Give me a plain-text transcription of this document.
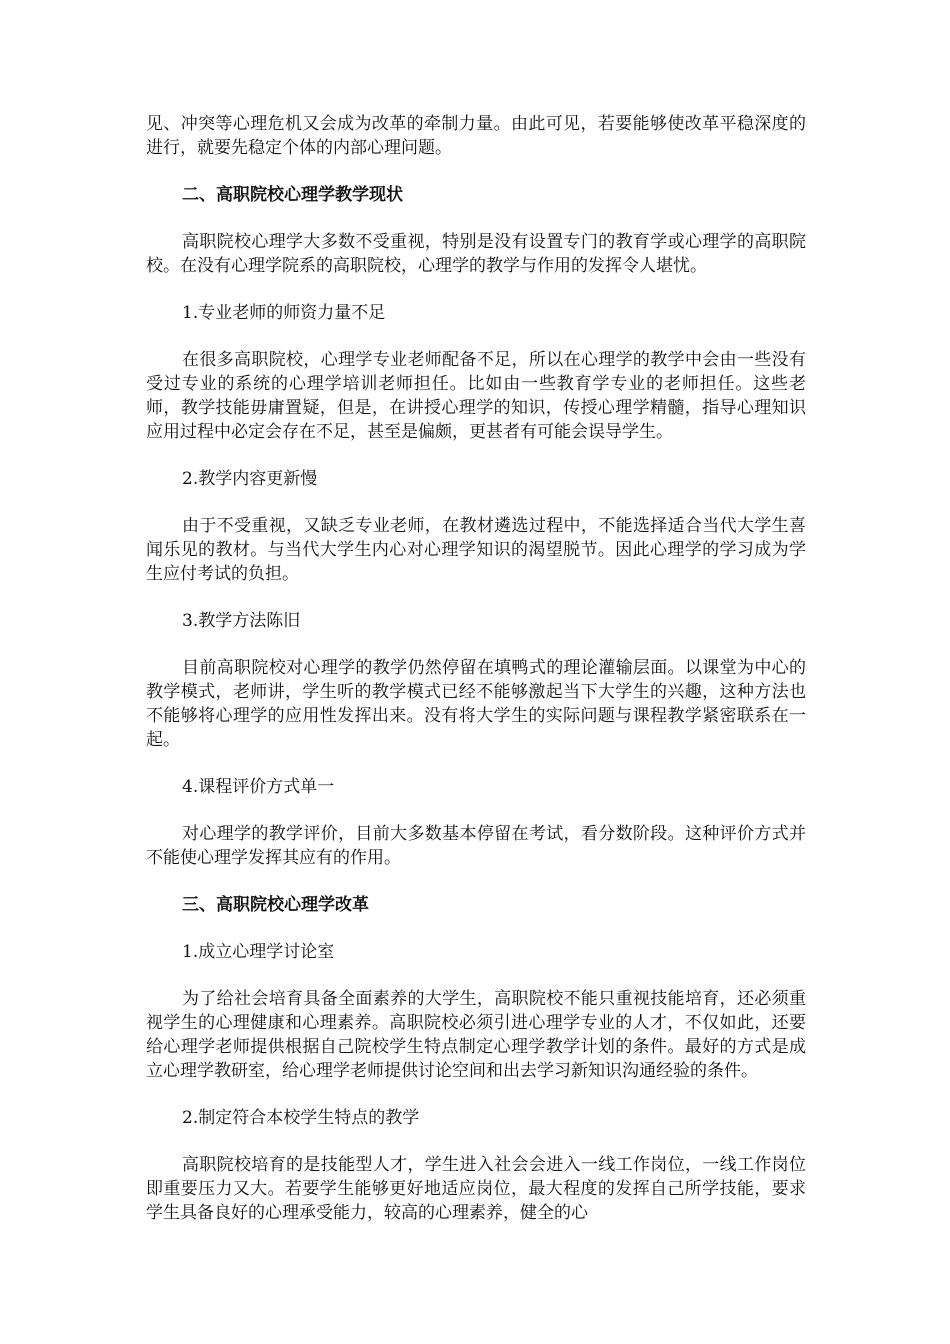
见、冲突等心理危机又会成为改革的牵制力量。由此可见，若要能够使改革平稳深度的进行，就要先稳定个体的内部心理问题。

二、高职院校心理学教学现状

高职院校心理学大多数不受重视，特别是没有设置专门的教育学或心理学的高职院校。在没有心理学院系的高职院校，心理学的教学与作用的发挥令人堪忧。

1.专业老师的师资力量不足

在很多高职院校，心理学专业老师配备不足，所以在心理学的教学中会由一些没有受过专业的系统的心理学培训老师担任。比如由一些教育学专业的老师担任。这些老师，教学技能毋庸置疑，但是，在讲授心理学的知识，传授心理学精髓，指导心理知识应用过程中必定会存在不足，甚至是偏颇，更甚者有可能会误导学生。

2.教学内容更新慢

由于不受重视，又缺乏专业老师，在教材遴选过程中，不能选择适合当代大学生喜闻乐见的教材。与当代大学生内心对心理学知识的渴望脱节。因此心理学的学习成为学生应付考试的负担。

3.教学方法陈旧

目前高职院校对心理学的教学仍然停留在填鸭式的理论灌输层面。以课堂为中心的教学模式，老师讲，学生听的教学模式已经不能够激起当下大学生的兴趣，这种方法也不能够将心理学的应用性发挥出来。没有将大学生的实际问题与课程教学紧密联系在一起。

4.课程评价方式单一

对心理学的教学评价，目前大多数基本停留在考试，看分数阶段。这种评价方式并不能使心理学发挥其应有的作用。

三、高职院校心理学改革

1.成立心理学讨论室

为了给社会培育具备全面素养的大学生，高职院校不能只重视技能培育，还必须重视学生的心理健康和心理素养。高职院校必须引进心理学专业的人才，不仅如此，还要给心理学老师提供根据自己院校学生特点制定心理学教学计划的条件。最好的方式是成立心理学教研室，给心理学老师提供讨论空间和出去学习新知识沟通经验的条件。

2.制定符合本校学生特点的教学

高职院校培育的是技能型人才，学生进入社会会进入一线工作岗位，一线工作岗位即重要压力又大。若要学生能够更好地适应岗位，最大程度的发挥自己所学技能，要求学生具备良好的心理承受能力，较高的心理素养，健全的心
